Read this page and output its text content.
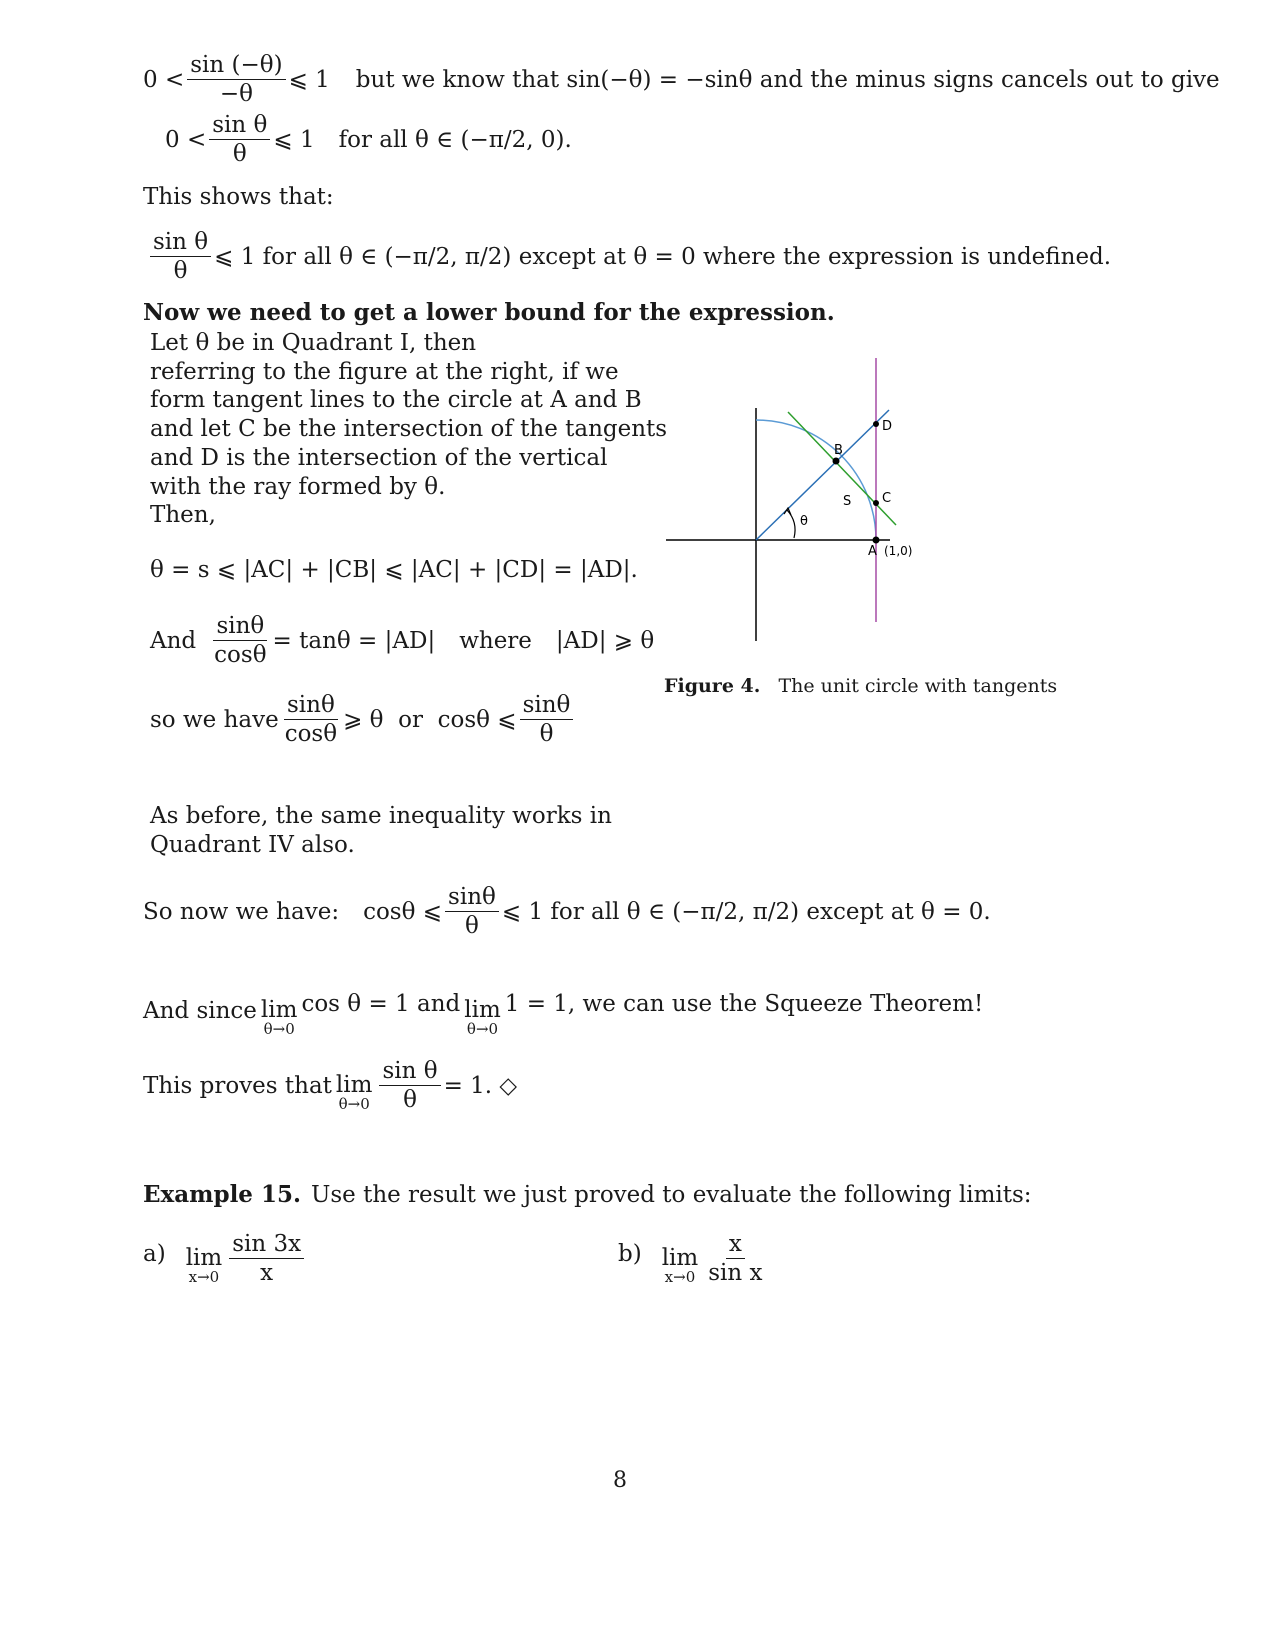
$0 < \frac{\sin (-\theta)}{-\theta}$ ⩽ 1 but we know that sin(−θ) = −sinθ and the minus signs cancels out to give
$0 < \frac{\text{sin θ}}{\theta}$ ⩽ 1 for all θ ∈ (−π/2, 0).
This shows that:
$\frac{\text{sin θ}}{\theta}$ ⩽ 1 for all θ ∈ (−π/2, π/2) except at θ = 0 where the expression is undefined.
Now we need to get a lower bound for the expression.
Let θ be in Quadrant I, then
referring to the figure at the right, if we
form tangent lines to the circle at A and B
and let C be the intersection of the tangents
and D is the intersection of the vertical
with the ray formed by θ.
Then,
θ = s ⩽ |AC| + |CB| ⩽ |AC| + |CD| = |AD|.
And $\frac{\sin\theta}{\cos\theta} = \tan\theta = |AD|$ where |AD| ⩾ θ
so we have $\frac{\sin\theta}{\cos\theta}$ ⩾ θ  or  cosθ ⩽ $\frac{\sin\theta}{\theta}$
As before, the same inequality works in
Quadrant IV also.
So now we have: cosθ ⩽ $\frac{\sin\theta}{\theta}$ ⩽ 1 for all θ ∈ (−π/2, π/2) except at θ = 0.
And since lim
θ→0
cos θ = 1 and lim
θ→0
1 = 1, we can use the Squeeze Theorem!
This proves that lim
$\theta\to 0 \frac{\text{sin θ}}{\theta} = 1$. ◇
Example 15. Use the result we just proved to evaluate the following limits:
a) lim
$x\to 0 \frac{\sin 3x}{x}$	b) lim
$x\to 0 \frac{x}{\text{sin x}}$
B
C
D
S
θ
A (1,0)
Figure 4. The unit circle with tangents
8
